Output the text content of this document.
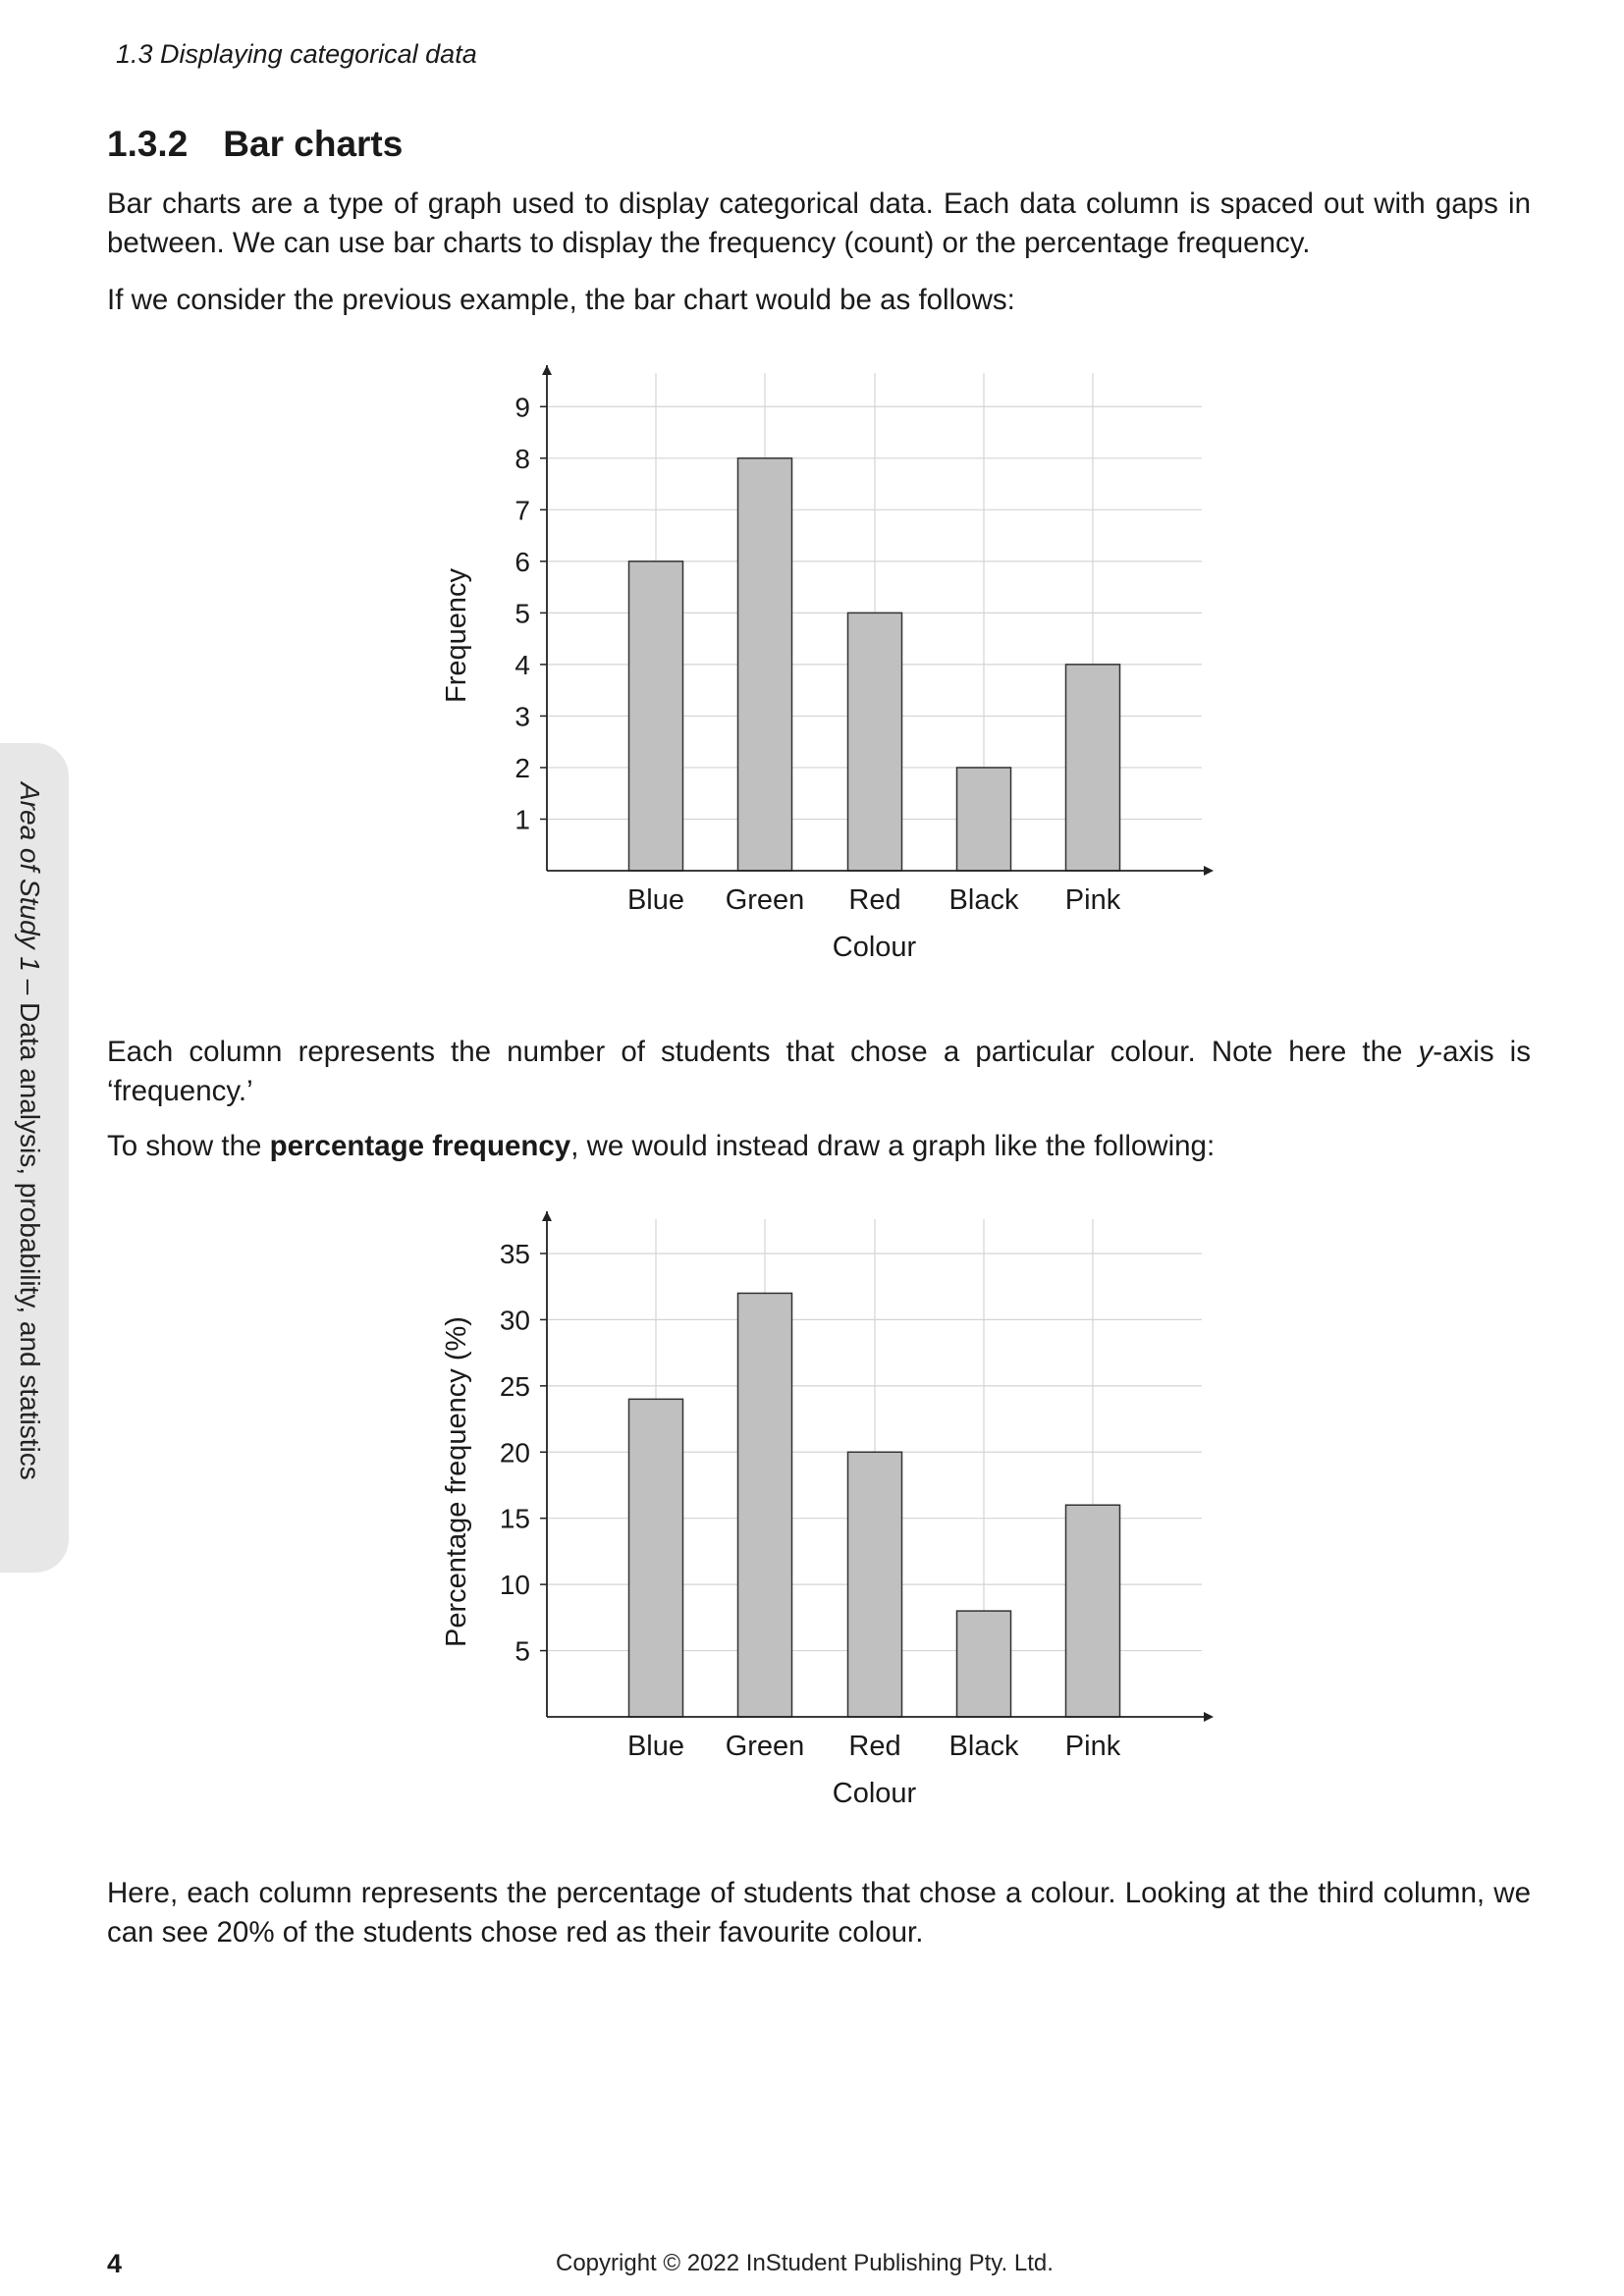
1.3 Displaying categorical data
1.3.2 Bar charts

Bar charts are a type of graph used to display categorical data. Each data column is spaced out with gaps in between. We can use bar charts to display the frequency (count) or the percentage frequency.

If we consider the previous example, the bar chart would be as follows:

1
2
3
4
5
6
7
8
9
Blue Green Red Black Pink
Colour
Frequency

Each column represents the number of students that chose a particular colour. Note here the y-axis is ‘frequency.’

To show the percentage frequency, we would instead draw a graph like the following:

5
10
15
20
25
30
35
Blue Green Red Black Pink
Colour
Percentage frequency (%)

Here, each column represents the percentage of students that chose a colour. Looking at the third column, we can see 20% of the students chose red as their favourite colour.

Area of Study 1 – Data analysis, probability, and statistics
4	Copyright © 2022 InStudent Publishing Pty. Ltd.
